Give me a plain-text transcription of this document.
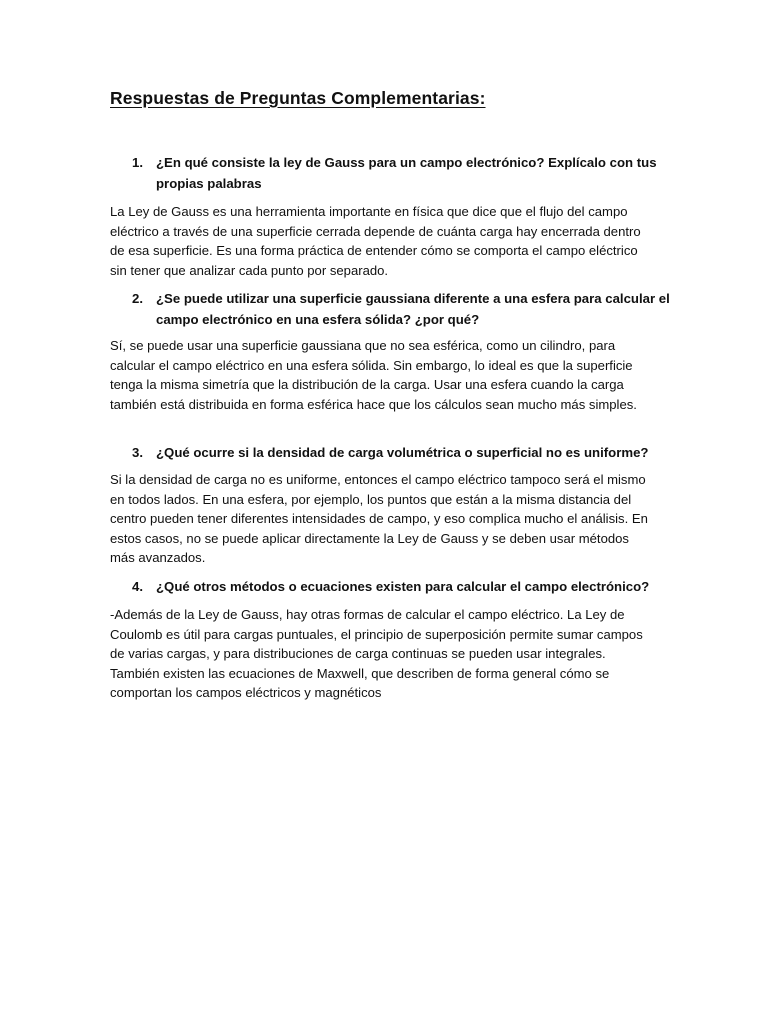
Respuestas de Preguntas Complementarias:
1. ¿En qué consiste la ley de Gauss para un campo electrónico? Explícalo con tus propias palabras
La Ley de Gauss es una herramienta importante en física que dice que el flujo del campo eléctrico a través de una superficie cerrada depende de cuánta carga hay encerrada dentro de esa superficie. Es una forma práctica de entender cómo se comporta el campo eléctrico sin tener que analizar cada punto por separado.
2. ¿Se puede utilizar una superficie gaussiana diferente a una esfera para calcular el campo electrónico en una esfera sólida? ¿por qué?
Sí, se puede usar una superficie gaussiana que no sea esférica, como un cilindro, para calcular el campo eléctrico en una esfera sólida. Sin embargo, lo ideal es que la superficie tenga la misma simetría que la distribución de la carga. Usar una esfera cuando la carga también está distribuida en forma esférica hace que los cálculos sean mucho más simples.
3. ¿Qué ocurre si la densidad de carga volumétrica o superficial no es uniforme?
Si la densidad de carga no es uniforme, entonces el campo eléctrico tampoco será el mismo en todos lados. En una esfera, por ejemplo, los puntos que están a la misma distancia del centro pueden tener diferentes intensidades de campo, y eso complica mucho el análisis. En estos casos, no se puede aplicar directamente la Ley de Gauss y se deben usar métodos más avanzados.
4. ¿Qué otros métodos o ecuaciones existen para calcular el campo electrónico?
-Además de la Ley de Gauss, hay otras formas de calcular el campo eléctrico. La Ley de Coulomb es útil para cargas puntuales, el principio de superposición permite sumar campos de varias cargas, y para distribuciones de carga continuas se pueden usar integrales. También existen las ecuaciones de Maxwell, que describen de forma general cómo se comportan los campos eléctricos y magnéticos
